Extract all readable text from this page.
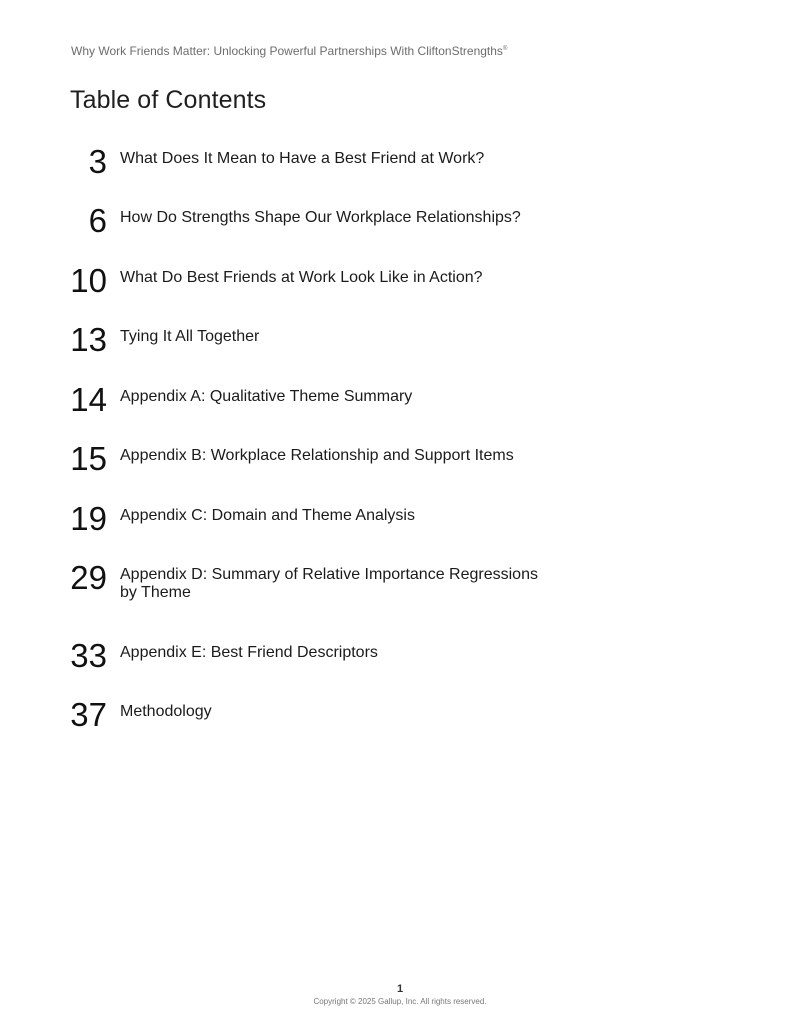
Why Work Friends Matter: Unlocking Powerful Partnerships With CliftonStrengths®
Table of Contents
3 What Does It Mean to Have a Best Friend at Work?
6 How Do Strengths Shape Our Workplace Relationships?
10 What Do Best Friends at Work Look Like in Action?
13 Tying It All Together
14 Appendix A: Qualitative Theme Summary
15 Appendix B: Workplace Relationship and Support Items
19 Appendix C: Domain and Theme Analysis
29 Appendix D: Summary of Relative Importance Regressions by Theme
33 Appendix E: Best Friend Descriptors
37 Methodology
1
Copyright © 2025 Gallup, Inc. All rights reserved.
